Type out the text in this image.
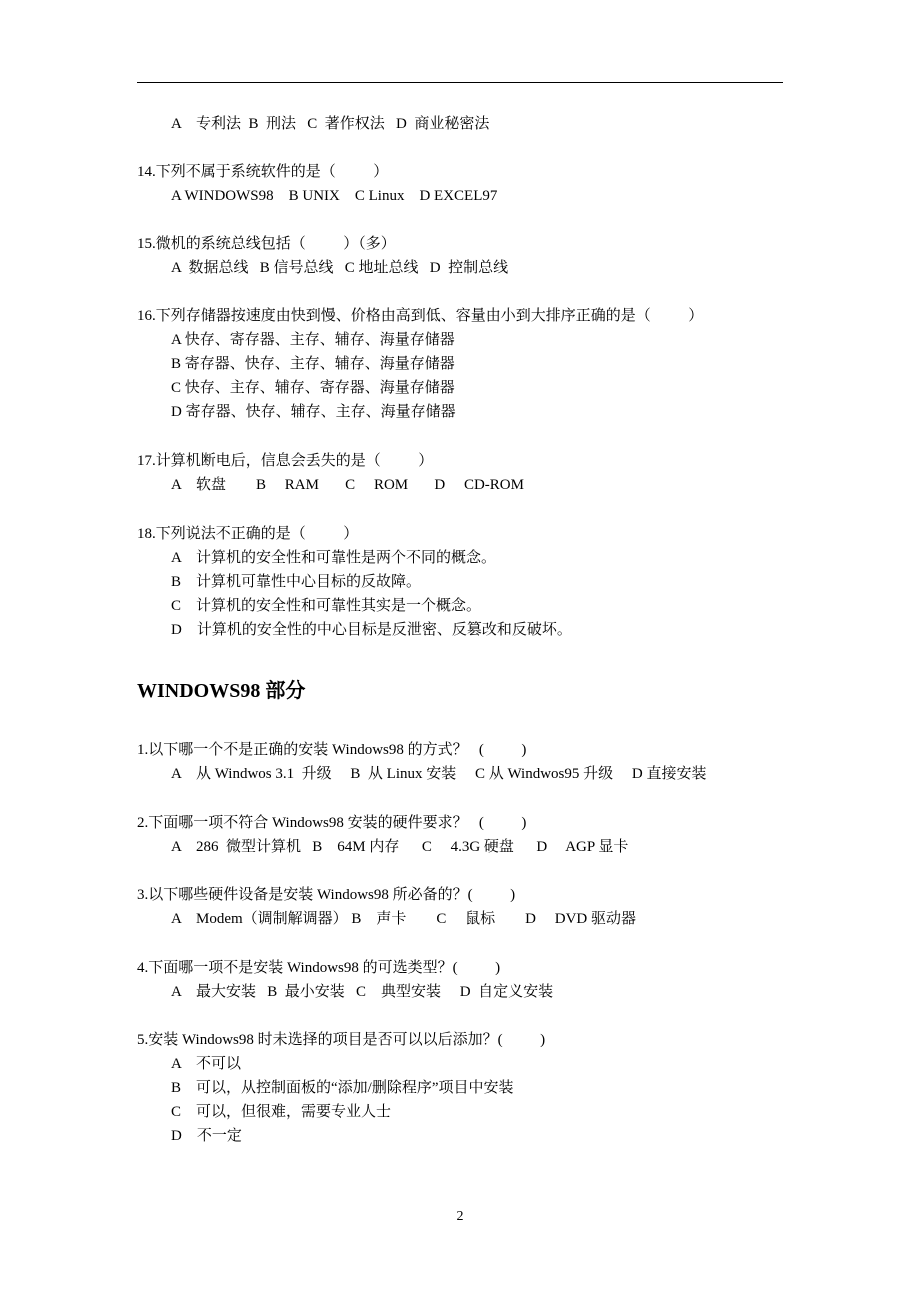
A　专利法  B  刑法   C  著作权法   D  商业秘密法
14.下列不属于系统软件的是（          ）
A WINDOWS98    B UNIX    C Linux    D EXCEL97
15.微机的系统总线包括（          ）（多）
A  数据总线   B 信号总线   C 地址总线   D  控制总线
16.下列存储器按速度由快到慢、价格由高到低、容量由小到大排序正确的是（          ）
A 快存、寄存器、主存、辅存、海量存储器
B 寄存器、快存、主存、辅存、海量存储器
C 快存、主存、辅存、寄存器、海量存储器
D 寄存器、快存、辅存、主存、海量存储器
17.计算机断电后，信息会丢失的是（          ）
A    软盘        B     RAM       C     ROM       D     CD-ROM
18.下列说法不正确的是（          ）
A    计算机的安全性和可靠性是两个不同的概念。
B    计算机可靠性中心目标的反故障。
C    计算机的安全性和可靠性其实是一个概念。
D    计算机的安全性的中心目标是反泄密、反篡改和反破坏。
WINDOWS98 部分
1.以下哪一个不是正确的安装 Windows98 的方式？   (          )
A    从 Windwos 3.1  升级     B  从 Linux 安装     C 从 Windwos95 升级     D 直接安装
2.下面哪一项不符合 Windows98 安装的硬件要求？   (          )
A    286  微型计算机   B    64M 内存      C     4.3G 硬盘      D     AGP 显卡
3.以下哪些硬件设备是安装 Windows98 所必备的？(          )
A    Modem（调制解调器） B    声卡        C     鼠标        D     DVD 驱动器
4.下面哪一项不是安装 Windows98 的可选类型？(          )
A    最大安装   B  最小安装   C    典型安装     D  自定义安装
5.安装 Windows98 时未选择的项目是否可以以后添加？(          )
A    不可以
B    可以，从控制面板的“添加/删除程序”项目中安装
C    可以，但很难，需要专业人士
D    不一定
2
